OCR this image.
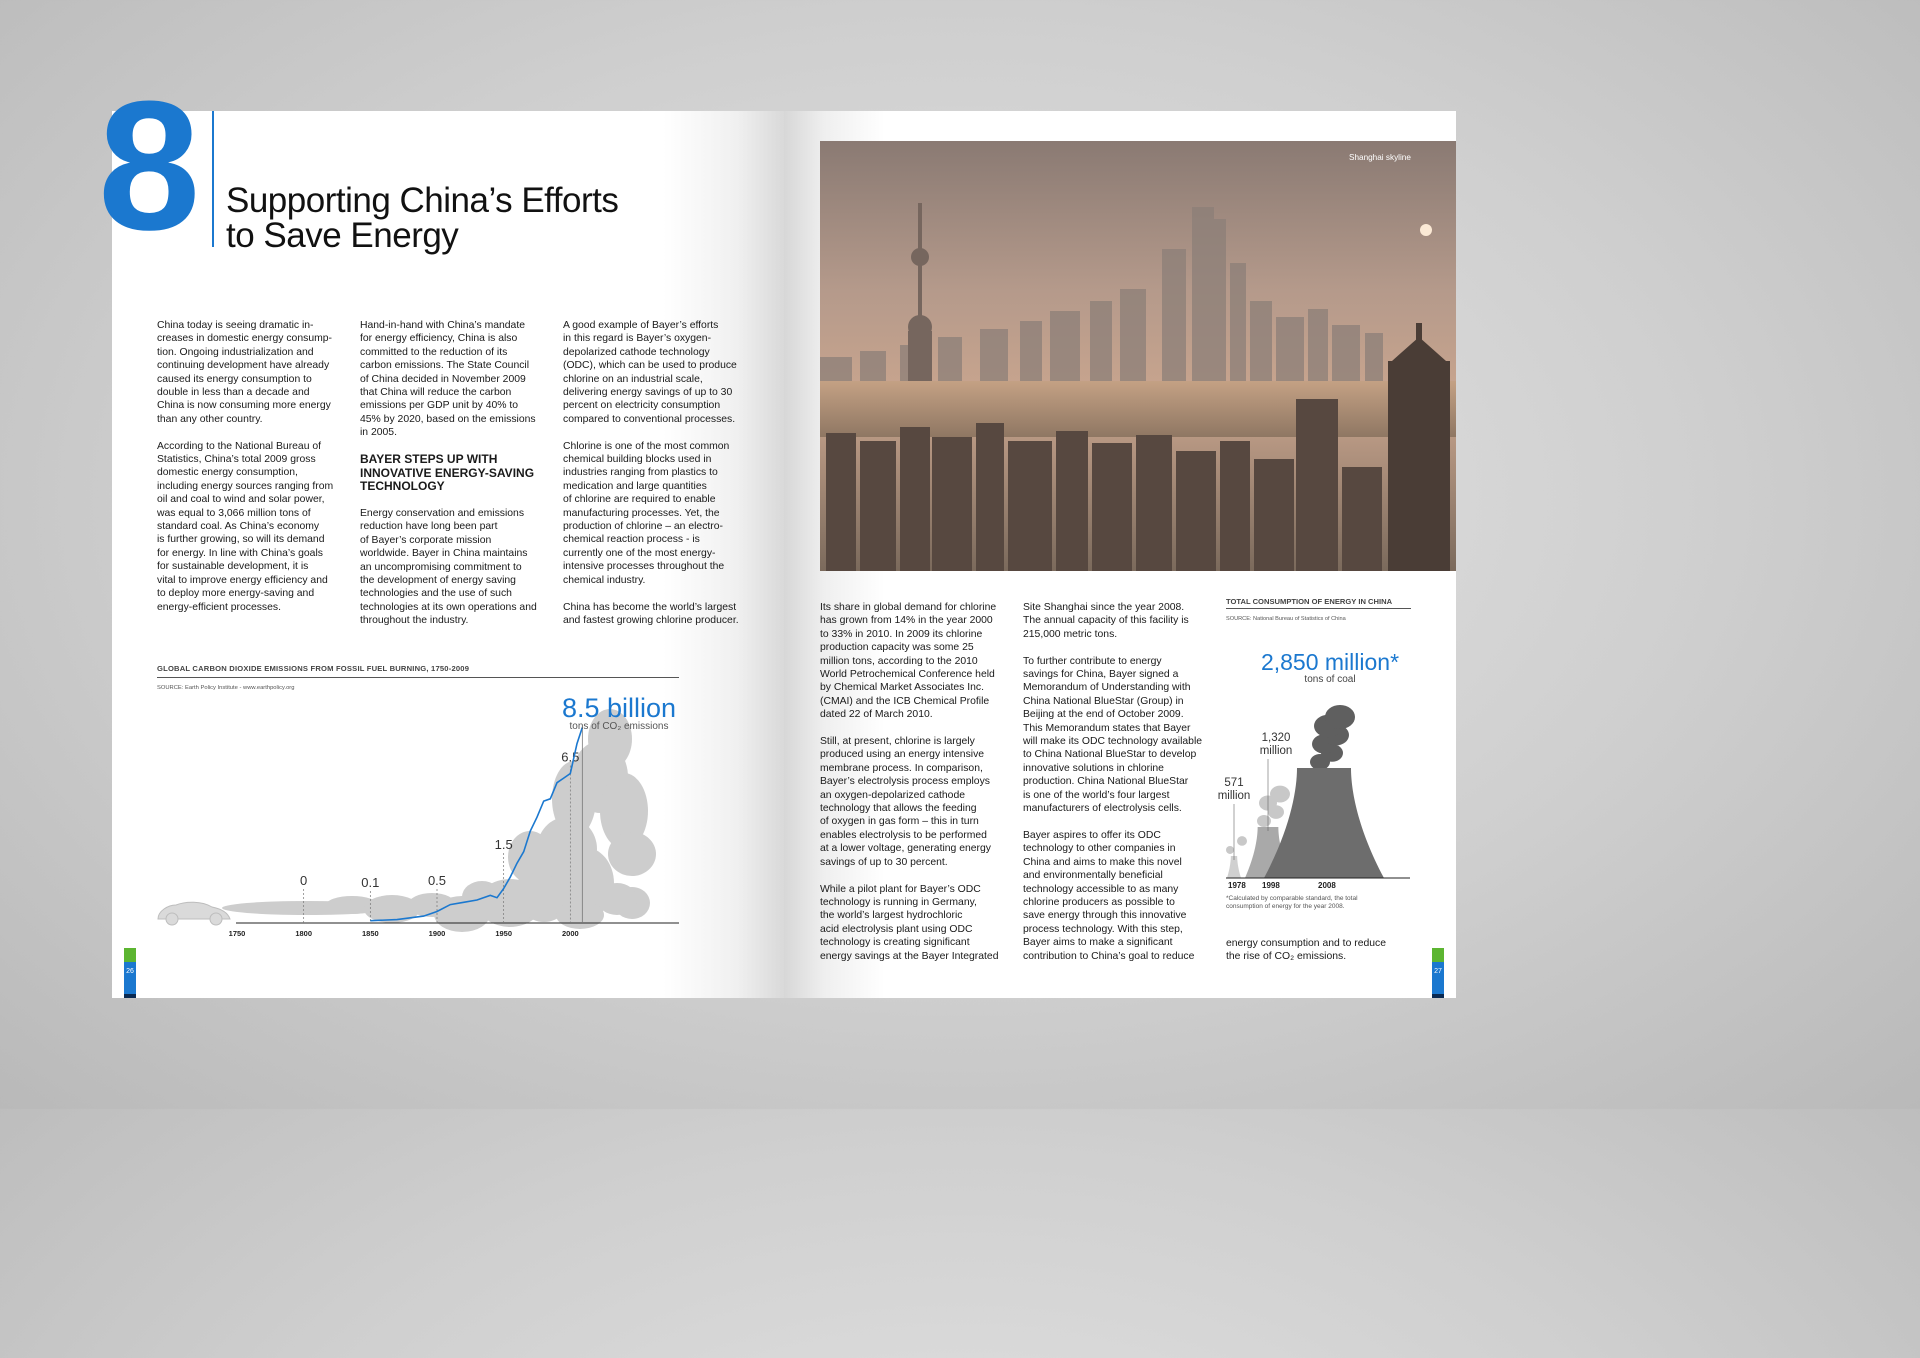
8 Supporting China’s Efforts
to Save Energy

China today is seeing dramatic in-
creases in domestic energy consump-
tion. Ongoing industrialization and
continuing development have already
caused its energy consumption to
double in less than a decade and
China is now consuming more energy
than any other country.

According to the National Bureau of
Statistics, China’s total 2009 gross
domestic energy consumption,
including energy sources ranging from
oil and coal to wind and solar power,
was equal to 3,066 million tons of
standard coal. As China’s economy
is further growing, so will its demand
for energy. In line with China’s goals
for sustainable development, it is
vital to improve energy efficiency and
to deploy more energy-saving and
energy-efficient processes.

Hand-in-hand with China’s mandate
for energy efficiency, China is also
committed to the reduction of its
carbon emissions. The State Council
of China decided in November 2009
that China will reduce the carbon
emissions per GDP unit by 40% to
45% by 2020, based on the emissions
in 2005.

BAYER STEPS UP WITH
INNOVATIVE ENERGY-SAVING
TECHNOLOGY

Energy conservation and emissions
reduction have long been part
of Bayer’s corporate mission
worldwide. Bayer in China maintains
an uncompromising commitment to
the development of energy saving
technologies and the use of such
technologies at its own operations and
throughout the industry.

A good example of Bayer’s efforts
in this regard is Bayer’s oxygen-
depolarized cathode technology
(ODC), which can be used to produce
chlorine on an industrial scale,
delivering energy savings of up to 30
percent on electricity consumption
compared to conventional processes.

Chlorine is one of the most common
chemical building blocks used in
industries ranging from plastics to
medication and large quantities
of chlorine are required to enable
manufacturing processes. Yet, the
production of chlorine – an electro-
chemical reaction process - is
currently one of the most energy-
intensive processes throughout the
chemical industry.

China has become the world’s largest
and fastest growing chlorine producer.

GLOBAL CARBON DIOXIDE EMISSIONS FROM FOSSIL FUEL BURNING, 1750-2009
SOURCE: Earth Policy Institute - www.earthpolicy.org
1750	1800	1850	1900	1950	2000
0	0.1	0.5
1.5
6.5
8.5 billion
tons of CO₂ emissions
26
Shanghai skyline

Its share in global demand for chlorine
has grown from 14% in the year 2000
to 33% in 2010. In 2009 its chlorine
production capacity was some 25
million tons, according to the 2010
World Petrochemical Conference held
by Chemical Market Associates Inc.
(CMAI) and the ICB Chemical Profile
dated 22 of March 2010.

Still, at present, chlorine is largely
produced using an energy intensive
membrane process. In comparison,
Bayer’s electrolysis process employs
an oxygen-depolarized cathode
technology that allows the feeding
of oxygen in gas form – this in turn
enables electrolysis to be performed
at a lower voltage, generating energy
savings of up to 30 percent.

While a pilot plant for Bayer’s ODC
technology is running in Germany,
the world’s largest hydrochloric
acid electrolysis plant using ODC
technology is creating significant
energy savings at the Bayer Integrated

Site Shanghai since the year 2008.
The annual capacity of this facility is
215,000 metric tons.

To further contribute to energy
savings for China, Bayer signed a
Memorandum of Understanding with
China National BlueStar (Group) in
Beijing at the end of October 2009.
This Memorandum states that Bayer
will make its ODC technology available
to China National BlueStar to develop
innovative solutions in chlorine
production. China National BlueStar
is one of the world’s four largest
manufacturers of electrolysis cells.

Bayer aspires to offer its ODC
technology to other companies in
China and aims to make this novel
and environmentally beneficial
technology accessible to as many
chlorine producers as possible to
save energy through this innovative
process technology. With this step,
Bayer aims to make a significant
contribution to China’s goal to reduce

TOTAL CONSUMPTION OF ENERGY IN CHINA
SOURCE: National Bureau of Statistics of China
2,850 million*
tons of coal
571
million
1,320
million
1978 1998	2008
*Calculated by comparable standard, the total
consumption of energy for the year 2008.

energy consumption and to reduce
the rise of CO₂ emissions.

27
